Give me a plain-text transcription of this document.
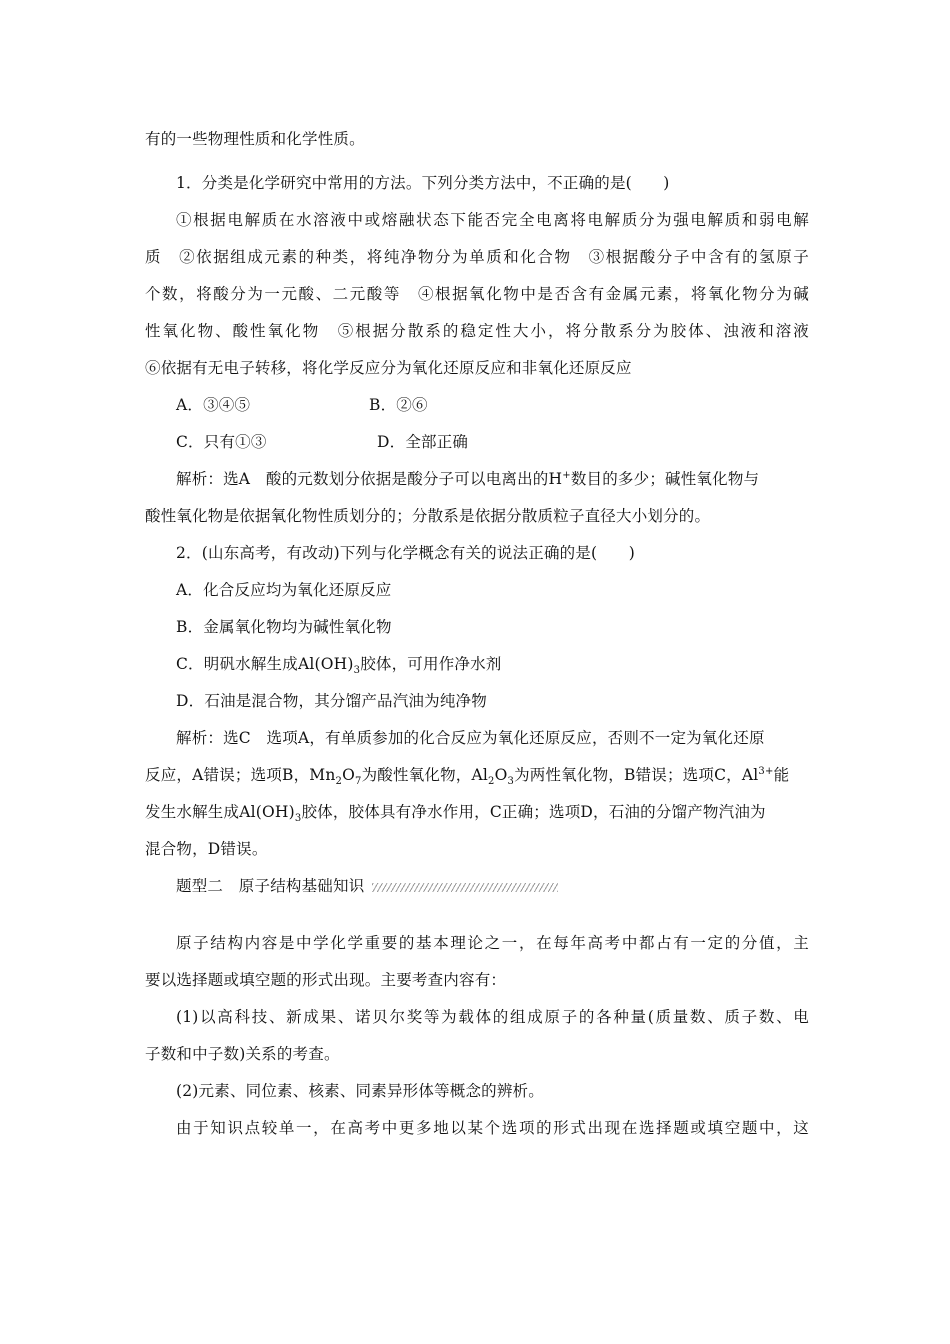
有的一些物理性质和化学性质。
1．分类是化学研究中常用的方法。下列分类方法中，不正确的是(　　)
①根据电解质在水溶液中或熔融状态下能否完全电离将电解质分为强电解质和弱电解
质　②依据组成元素的种类，将纯净物分为单质和化合物　③根据酸分子中含有的氢原子
个数，将酸分为一元酸、二元酸等　④根据氧化物中是否含有金属元素，将氧化物分为碱
性氧化物、酸性氧化物　⑤根据分散系的稳定性大小，将分散系分为胶体、浊液和溶液
⑥依据有无电子转移，将化学反应分为氧化还原反应和非氧化还原反应
A．③④⑤	B．②⑥
C．只有①③	D．全部正确
解析：选A　酸的元数划分依据是酸分子可以电离出的H+数目的多少；碱性氧化物与
酸性氧化物是依据氧化物性质划分的；分散系是依据分散质粒子直径大小划分的。
2．(山东高考，有改动)下列与化学概念有关的说法正确的是(　　)
A．化合反应均为氧化还原反应
B．金属氧化物均为碱性氧化物
C．明矾水解生成$Al(OH)_3$胶体，可用作净水剂
D．石油是混合物，其分馏产品汽油为纯净物
解析：选C　选项A，有单质参加的化合反应为氧化还原反应，否则不一定为氧化还原
反应，A错误；选项B，$Mn_2O_7$为酸性氧化物，$Al_2O_3$为两性氧化物，B错误；选项C，$Al^{3+}$能
发生水解生成$Al(OH)_3$胶体，胶体具有净水作用，C正确；选项D，石油的分馏产物汽油为
混合物，D错误。
题型二　原子结构基础知识
原子结构内容是中学化学重要的基本理论之一，在每年高考中都占有一定的分值，主
要以选择题或填空题的形式出现。主要考查内容有：
(1)以高科技、新成果、诺贝尔奖等为载体的组成原子的各种量(质量数、质子数、电
子数和中子数)关系的考查。
(2)元素、同位素、核素、同素异形体等概念的辨析。
由于知识点较单一，在高考中更多地以某个选项的形式出现在选择题或填空题中，这
